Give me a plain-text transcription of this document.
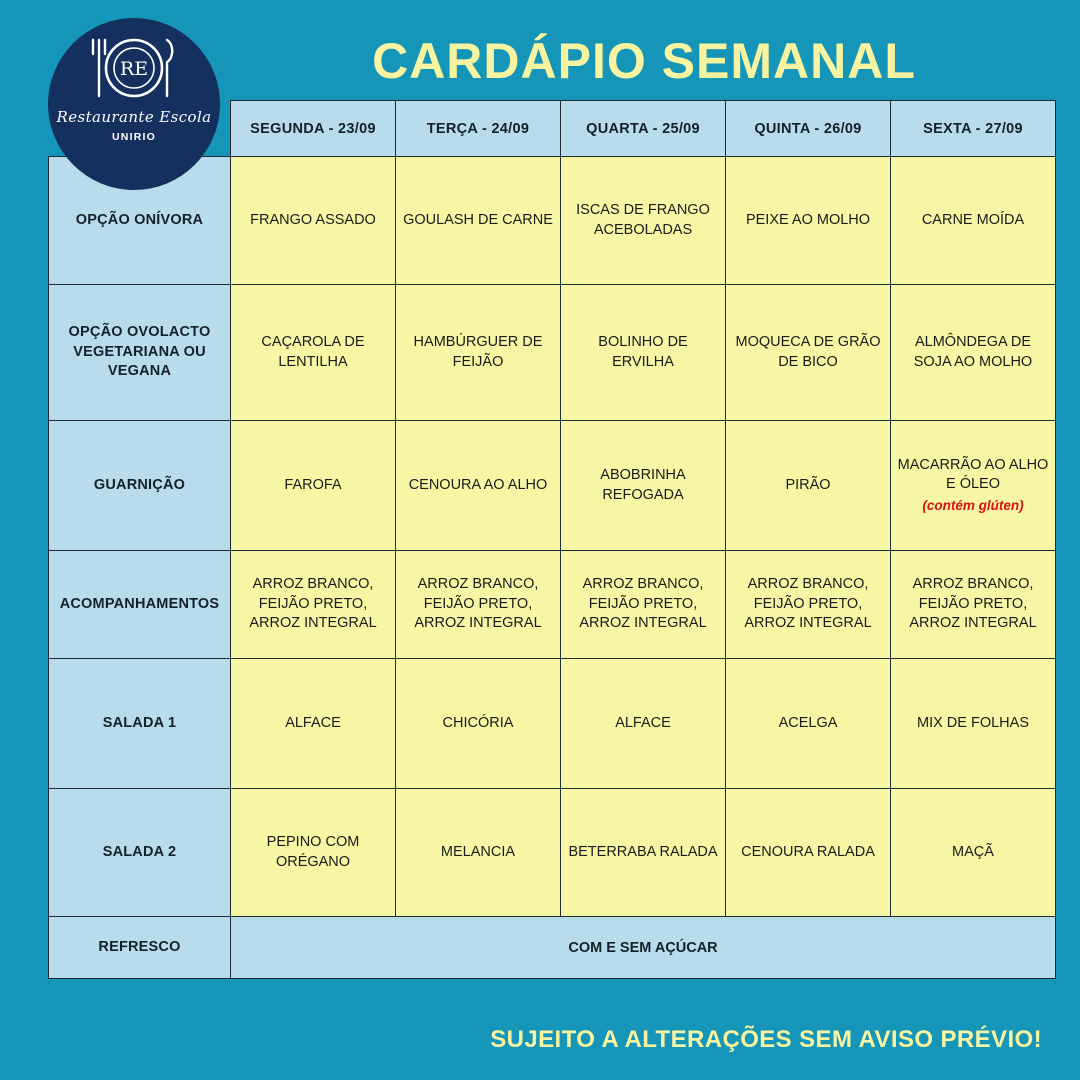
RE
Restaurante Escola
UNIRIO
CARDÁPIO SEMANAL
	SEGUNDA - 23/09	TERÇA - 24/09	QUARTA - 25/09	QUINTA - 26/09	SEXTA - 27/09
OPÇÃO ONÍVORA	FRANGO ASSADO	GOULASH DE CARNE	ISCAS DE FRANGO ACEBOLADAS	PEIXE AO MOLHO	CARNE MOÍDA
OPÇÃO OVOLACTO VEGETARIANA OU VEGANA	CAÇAROLA DE LENTILHA	HAMBÚRGUER DE FEIJÃO	BOLINHO DE ERVILHA	MOQUECA DE GRÃO DE BICO	ALMÔNDEGA DE SOJA AO MOLHO
GUARNIÇÃO	FAROFA	CENOURA AO ALHO	ABOBRINHA REFOGADA	PIRÃO	MACARRÃO AO ALHO E ÓLEO
(contém glúten)

ACOMPANHAMENTOS	ARROZ BRANCO, FEIJÃO PRETO, ARROZ INTEGRAL	ARROZ BRANCO, FEIJÃO PRETO, ARROZ INTEGRAL	ARROZ BRANCO, FEIJÃO PRETO, ARROZ INTEGRAL	ARROZ BRANCO, FEIJÃO PRETO, ARROZ INTEGRAL	ARROZ BRANCO, FEIJÃO PRETO, ARROZ INTEGRAL
SALADA 1	ALFACE	CHICÓRIA	ALFACE	ACELGA	MIX DE FOLHAS
SALADA 2	PEPINO COM ORÉGANO	MELANCIA	BETERRABA RALADA	CENOURA RALADA	MAÇÃ
REFRESCO	COM E SEM AÇÚCAR				
SUJEITO A ALTERAÇÕES SEM AVISO PRÉVIO!
